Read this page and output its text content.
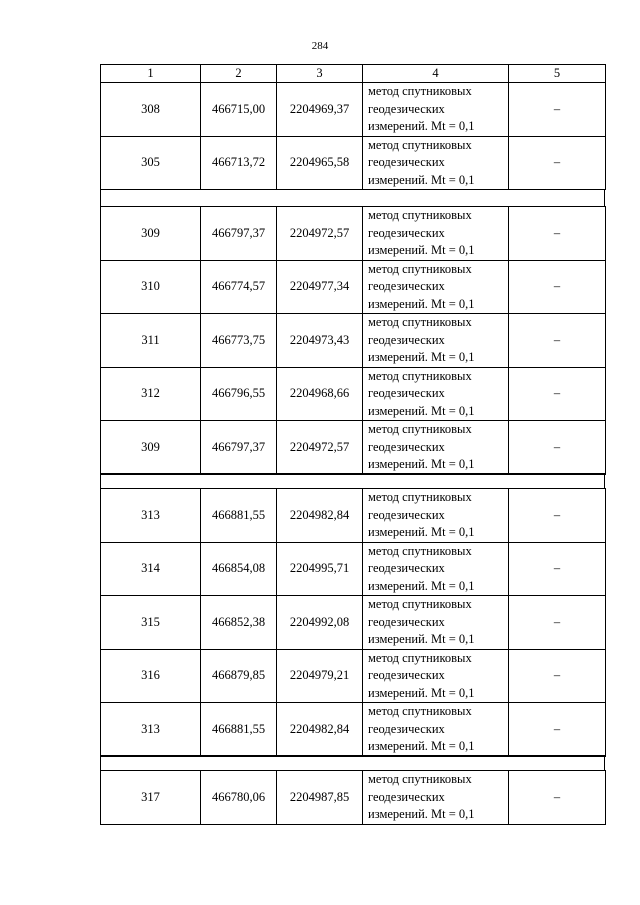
284
1	2	3	4	5
308	466715,00	2204969,37	метод спутниковых
геодезических
измерений. Mt = 0,1	–
305	466713,72	2204965,58	метод спутниковых
геодезических
измерений. Mt = 0,1	–
309	466797,37	2204972,57	метод спутниковых
геодезических
измерений. Mt = 0,1	–
310	466774,57	2204977,34	метод спутниковых
геодезических
измерений. Mt = 0,1	–
311	466773,75	2204973,43	метод спутниковых
геодезических
измерений. Mt = 0,1	–
312	466796,55	2204968,66	метод спутниковых
геодезических
измерений. Mt = 0,1	–
309	466797,37	2204972,57	метод спутниковых
геодезических
измерений. Mt = 0,1	–
313	466881,55	2204982,84	метод спутниковых
геодезических
измерений. Mt = 0,1	–
314	466854,08	2204995,71	метод спутниковых
геодезических
измерений. Mt = 0,1	–
315	466852,38	2204992,08	метод спутниковых
геодезических
измерений. Mt = 0,1	–
316	466879,85	2204979,21	метод спутниковых
геодезических
измерений. Mt = 0,1	–
313	466881,55	2204982,84	метод спутниковых
геодезических
измерений. Mt = 0,1	–
317	466780,06	2204987,85	метод спутниковых
геодезических
измерений. Mt = 0,1	–
